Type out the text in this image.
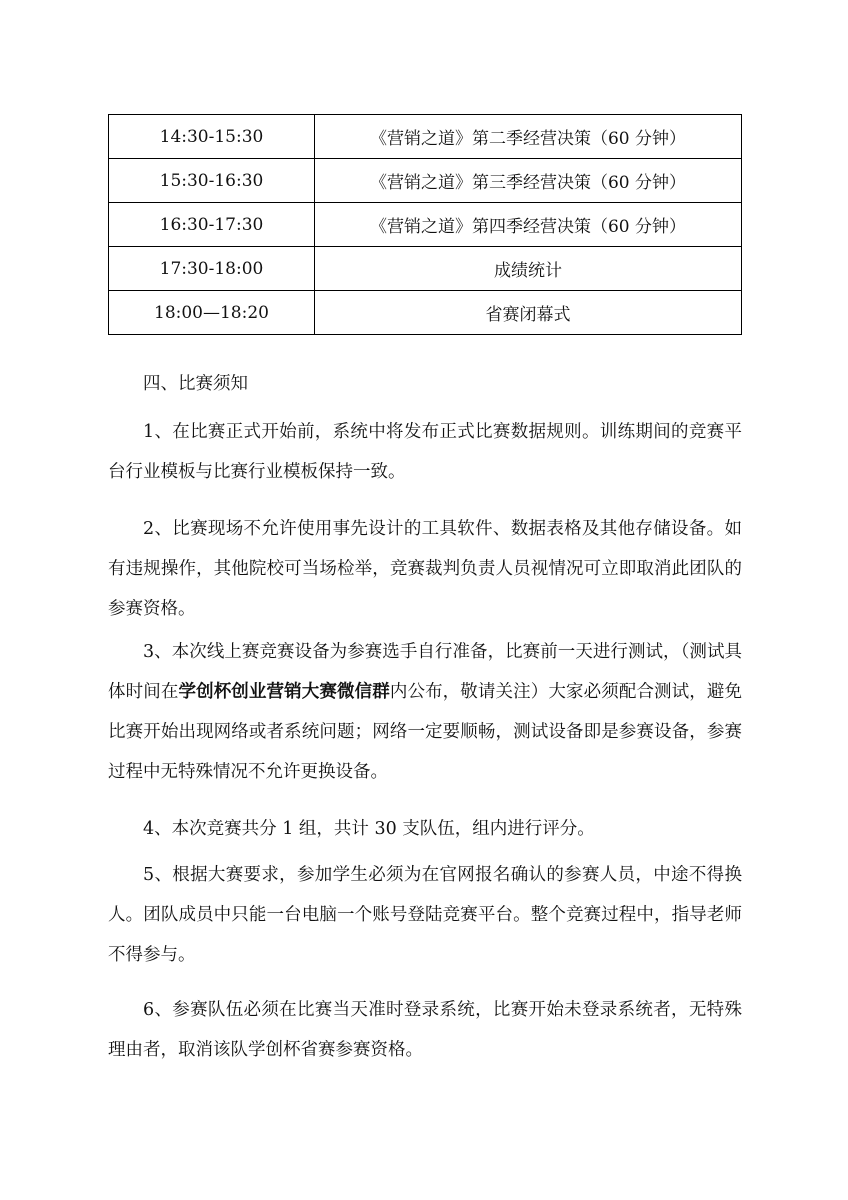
14:30-15:30	《营销之道》第二季经营决策（60 分钟）
15:30-16:30	《营销之道》第三季经营决策（60 分钟）
16:30-17:30	《营销之道》第四季经营决策（60 分钟）
17:30-18:00	成绩统计
18:00—18:20	省赛闭幕式

四、比赛须知

1、在比赛正式开始前，系统中将发布正式比赛数据规则。训练期间的竞赛平台行业模板与比赛行业模板保持一致。

2、比赛现场不允许使用事先设计的工具软件、数据表格及其他存储设备。如有违规操作，其他院校可当场检举，竞赛裁判负责人员视情况可立即取消此团队的参赛资格。

3、本次线上赛竞赛设备为参赛选手自行准备，比赛前一天进行测试，（测试具体时间在学创杯创业营销大赛微信群内公布，敬请关注）大家必须配合测试，避免比赛开始出现网络或者系统问题；网络一定要顺畅，测试设备即是参赛设备，参赛过程中无特殊情况不允许更换设备。

4、本次竞赛共分 1 组，共计 30 支队伍，组内进行评分。

5、根据大赛要求，参加学生必须为在官网报名确认的参赛人员，中途不得换人。团队成员中只能一台电脑一个账号登陆竞赛平台。整个竞赛过程中，指导老师不得参与。

6、参赛队伍必须在比赛当天准时登录系统，比赛开始未登录系统者，无特殊理由者，取消该队学创杯省赛参赛资格。
